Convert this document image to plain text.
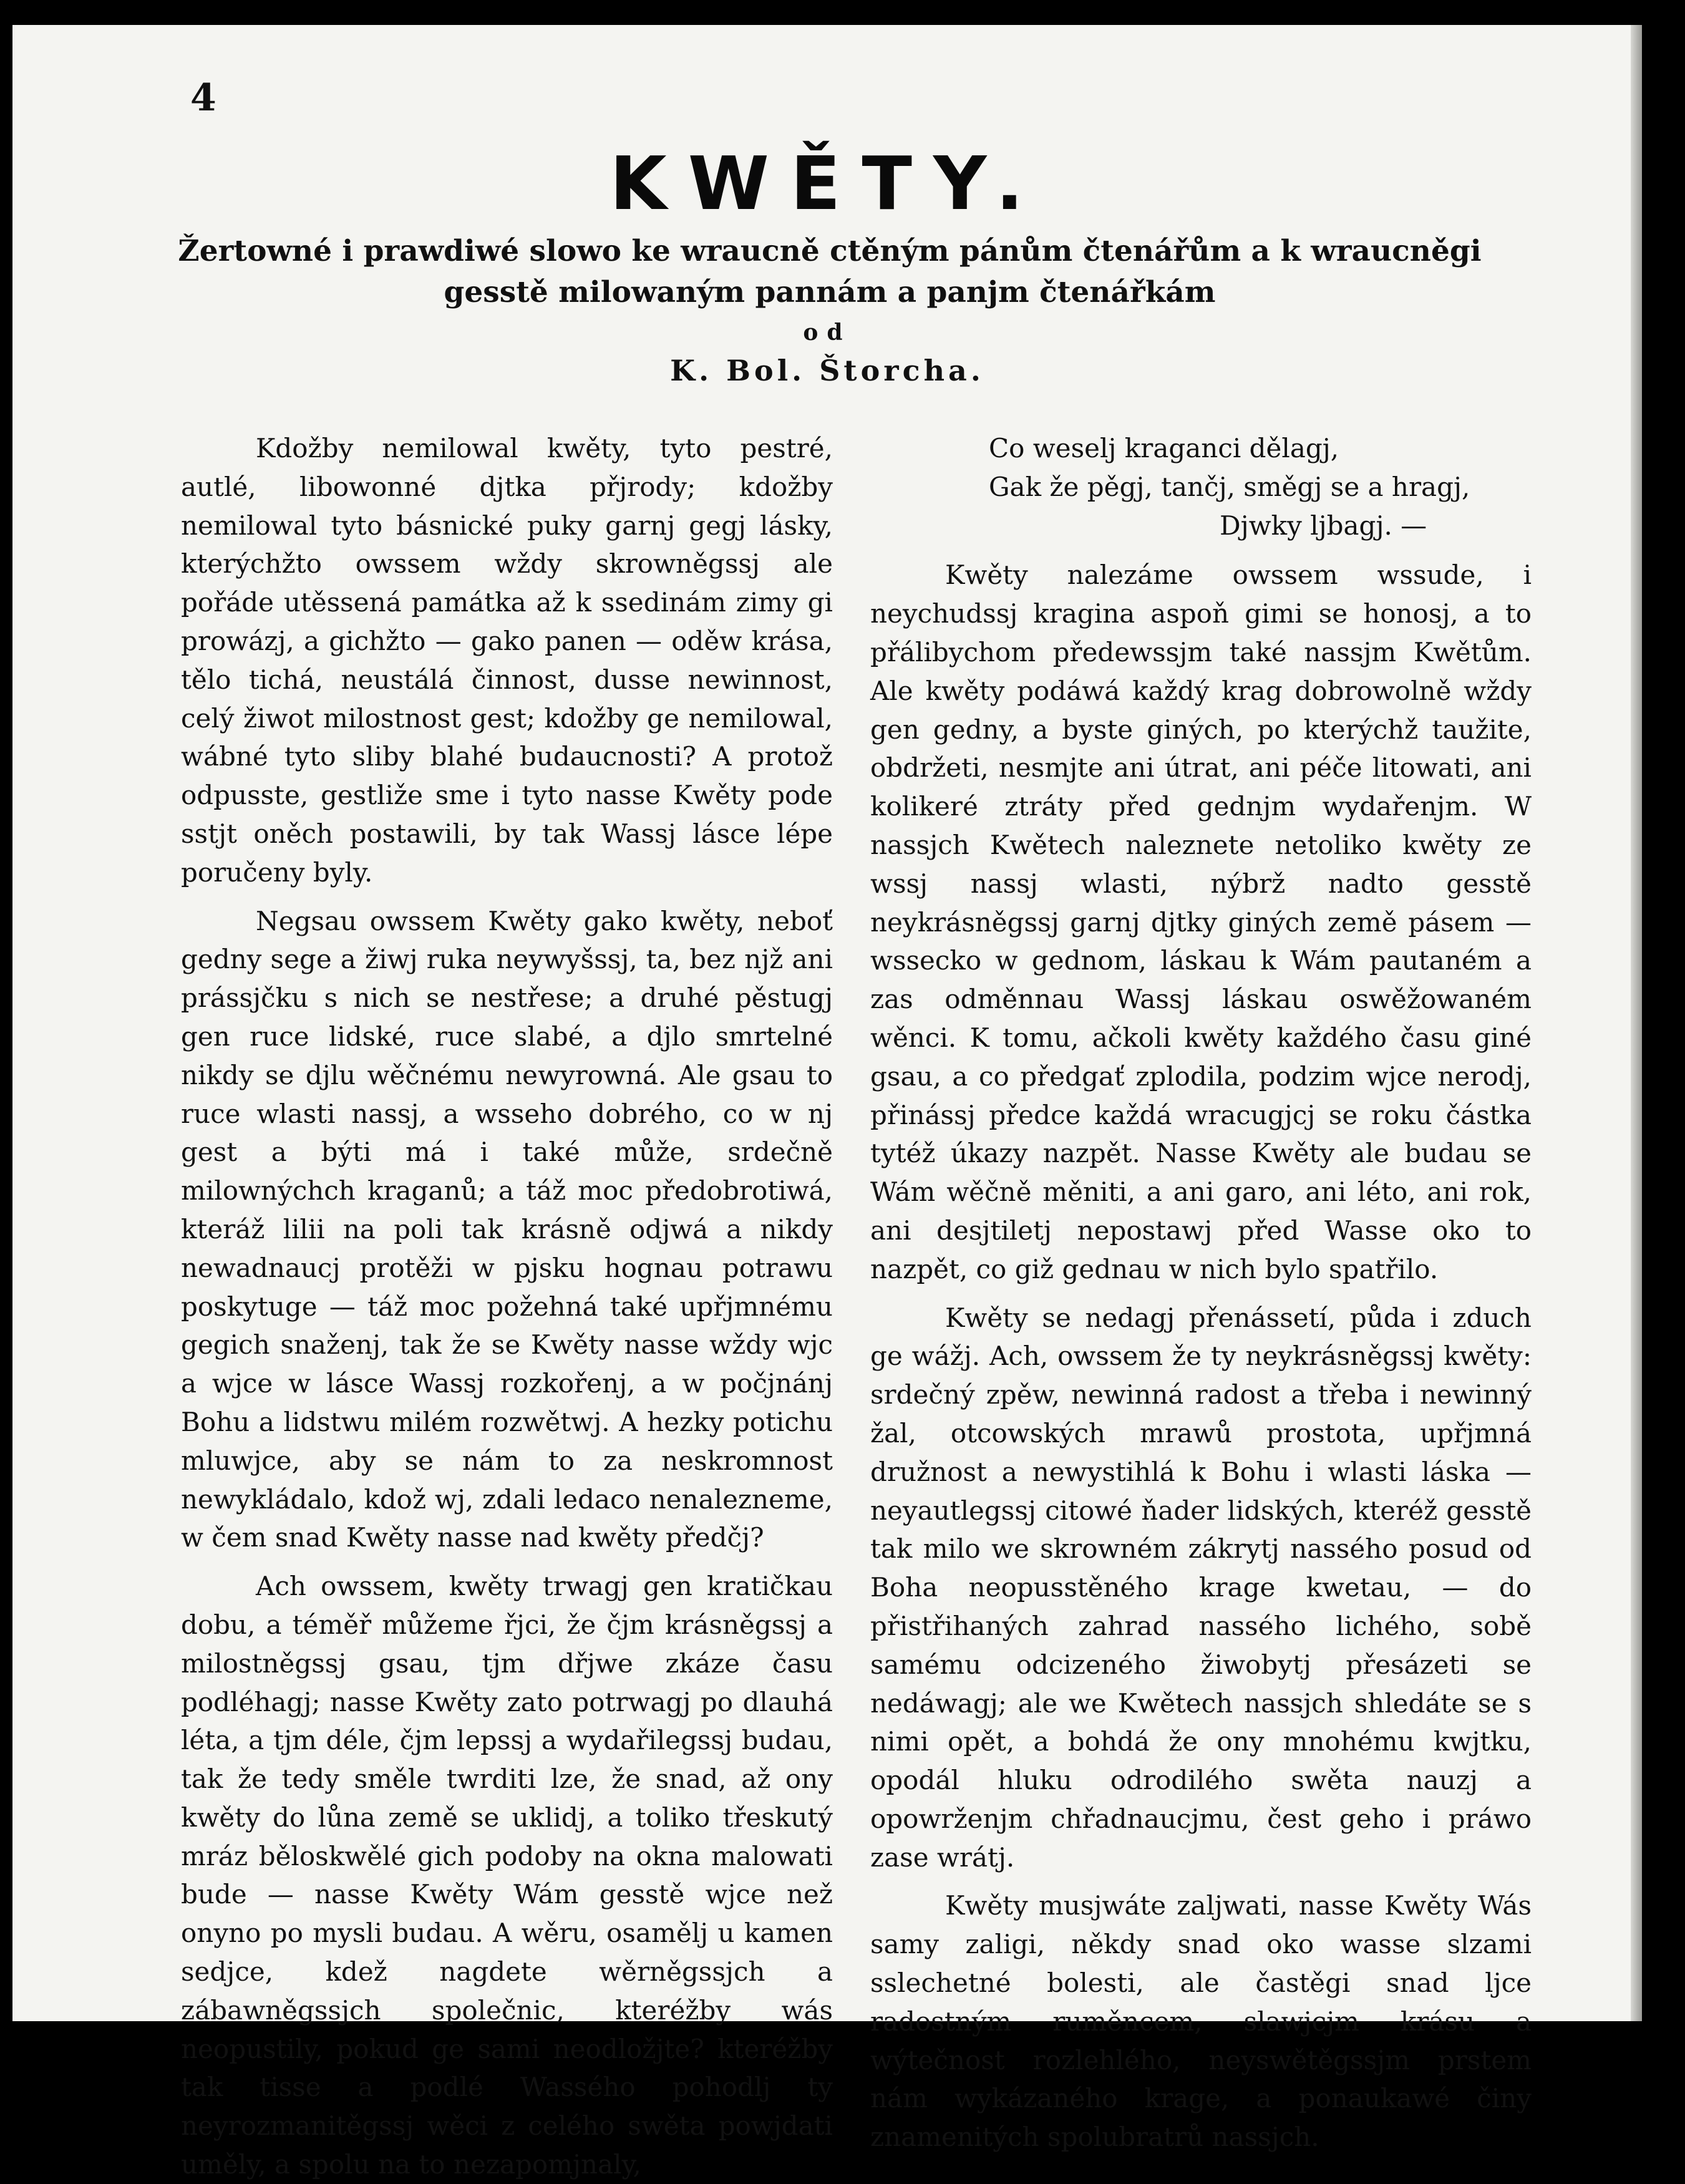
4
KWĚTY.
Žertowné i prawdiwé slowo ke wraucně ctěným pánům čtenářům a k wraucněgi gesstě milowaným pannám a panjm čtenářkám
od
K. Bol. Štorcha.

Kdožby nemilowal kwěty, tyto pestré, autlé, libowonné djtka přjrody; kdožby nemilowal tyto básnické puky garnj gegj lásky, kterýchžto owssem wždy skrowněgssj ale pořáde utěssená památka až k ssedinám zimy gi prowázj, a gichžto — gako panen — oděw krása, tělo tichá, neustálá činnost, dusse newinnost, celý žiwot milostnost gest; kdožby ge nemilowal, wábné tyto sliby blahé budaucnosti? A protož odpusste, gestliže sme i tyto nasse Kwěty pode sstjt oněch postawili, by tak Wassj lásce lépe poručeny byly.

Negsau owssem Kwěty gako kwěty, neboť gedny sege a žiwj ruka neywyšssj, ta, bez njž ani prássjčku s nich se nestřese; a druhé pěstugj gen ruce lidské, ruce slabé, a djlo smrtelné nikdy se djlu wěčnému newyrowná. Ale gsau to ruce wlasti nassj, a wsseho dobrého, co w nj gest a býti má i také může, srdečně milownýchch kraganů; a táž moc předobrotiwá, kteráž lilii na poli tak krásně odjwá a nikdy newadnaucj protěži w pjsku hognau potrawu poskytuge — táž moc požehná také upřjmnému gegich snaženj, tak že se Kwěty nasse wždy wjc a wjce w lásce Wassj rozkořenj, a w počjnánj Bohu a lidstwu milém rozwětwj. A hezky potichu mluwjce, aby se nám to za neskromnost newykládalo, kdož wj, zdali ledaco nenalezneme, w čem snad Kwěty nasse nad kwěty předčj?

Ach owssem, kwěty trwagj gen kratičkau dobu, a téměř můžeme řjci, že čjm krásněgssj a milostněgssj gsau, tjm dřjwe zkáze času podléhagj; nasse Kwěty zato potrwagj po dlauhá léta, a tjm déle, čjm lepssj a wydařilegssj budau, tak že tedy směle twrditi lze, že snad, až ony kwěty do lůna země se uklidj, a toliko třeskutý mráz běloskwělé gich podoby na okna malowati bude — nasse Kwěty Wám gesstě wjce než onyno po mysli budau. A wěru, osamělj u kamen sedjce, kdež nagdete wěrněgssjch a zábawněgssjch společnic, kteréžby wás neopustily, pokud ge sami neodložjte? kteréžby tak tisse a podlé Wassého pohodlj ty neyrozmanitěgssj wěci z celého swěta powjdati uměly, a spolu na to nezapomjnaly,

Co weselj kraganci dělagj,
Gak že pěgj, tančj, směgj se a hragj,
Djwky ljbagj. —

Kwěty nalezáme owssem wssude, i neychudssj kragina aspoň gimi se honosj, a to přálibychom předewssjm také nassjm Kwětům. Ale kwěty podáwá každý krag dobrowolně wždy gen gedny, a byste giných, po kterýchž taužite, obdržeti, nesmjte ani útrat, ani péče litowati, ani kolikeré ztráty před gednjm wydařenjm. W nassjch Kwětech naleznete netoliko kwěty ze wssj nassj wlasti, nýbrž nadto gesstě neykrásněgssj garnj djtky giných země pásem — wssecko w gednom, láskau k Wám pautaném a zas odměnnau Wassj láskau oswěžowaném wěnci. K tomu, ačkoli kwěty každého času giné gsau, a co předgať zplodila, podzim wjce nerodj, přinássj předce každá wracugjcj se roku částka tytéž úkazy nazpět. Nasse Kwěty ale budau se Wám wěčně měniti, a ani garo, ani léto, ani rok, ani desjtiletj nepostawj před Wasse oko to nazpět, co giž gednau w nich bylo spatřilo.

Kwěty se nedagj přenássetí, půda i zduch ge wážj. Ach, owssem že ty neykrásněgssj kwěty: srdečný zpěw, newinná radost a třeba i newinný žal, otcowských mrawů prostota, upřjmná družnost a newystihlá k Bohu i wlasti láska — neyautlegssj citowé ňader lidských, kteréž gesstě tak milo we skrowném zákrytj nassého posud od Boha neopusstěného krage kwetau, — do přistřihaných zahrad nassého lichého, sobě samému odcizeného žiwobytj přesázeti se nedáwagj; ale we Kwětech nassjch shledáte se s nimi opět, a bohdá že ony mnohému kwjtku, opodál hluku odrodilého swěta nauzj a opowrženjm chřadnaucjmu, čest geho i práwo zase wrátj.

Kwěty musjwáte zaljwati, nasse Kwěty Wás samy zaligi, někdy snad oko wasse slzami sslechetné bolesti, ale častěgi snad ljce radostným ruměncem, slawjcjm krásu a wýtečnost rozlehlého, neyswětěgssjm prstem nám wykázaného krage, a ponaukawé činy znamenitých spolubratrů nassjch.
